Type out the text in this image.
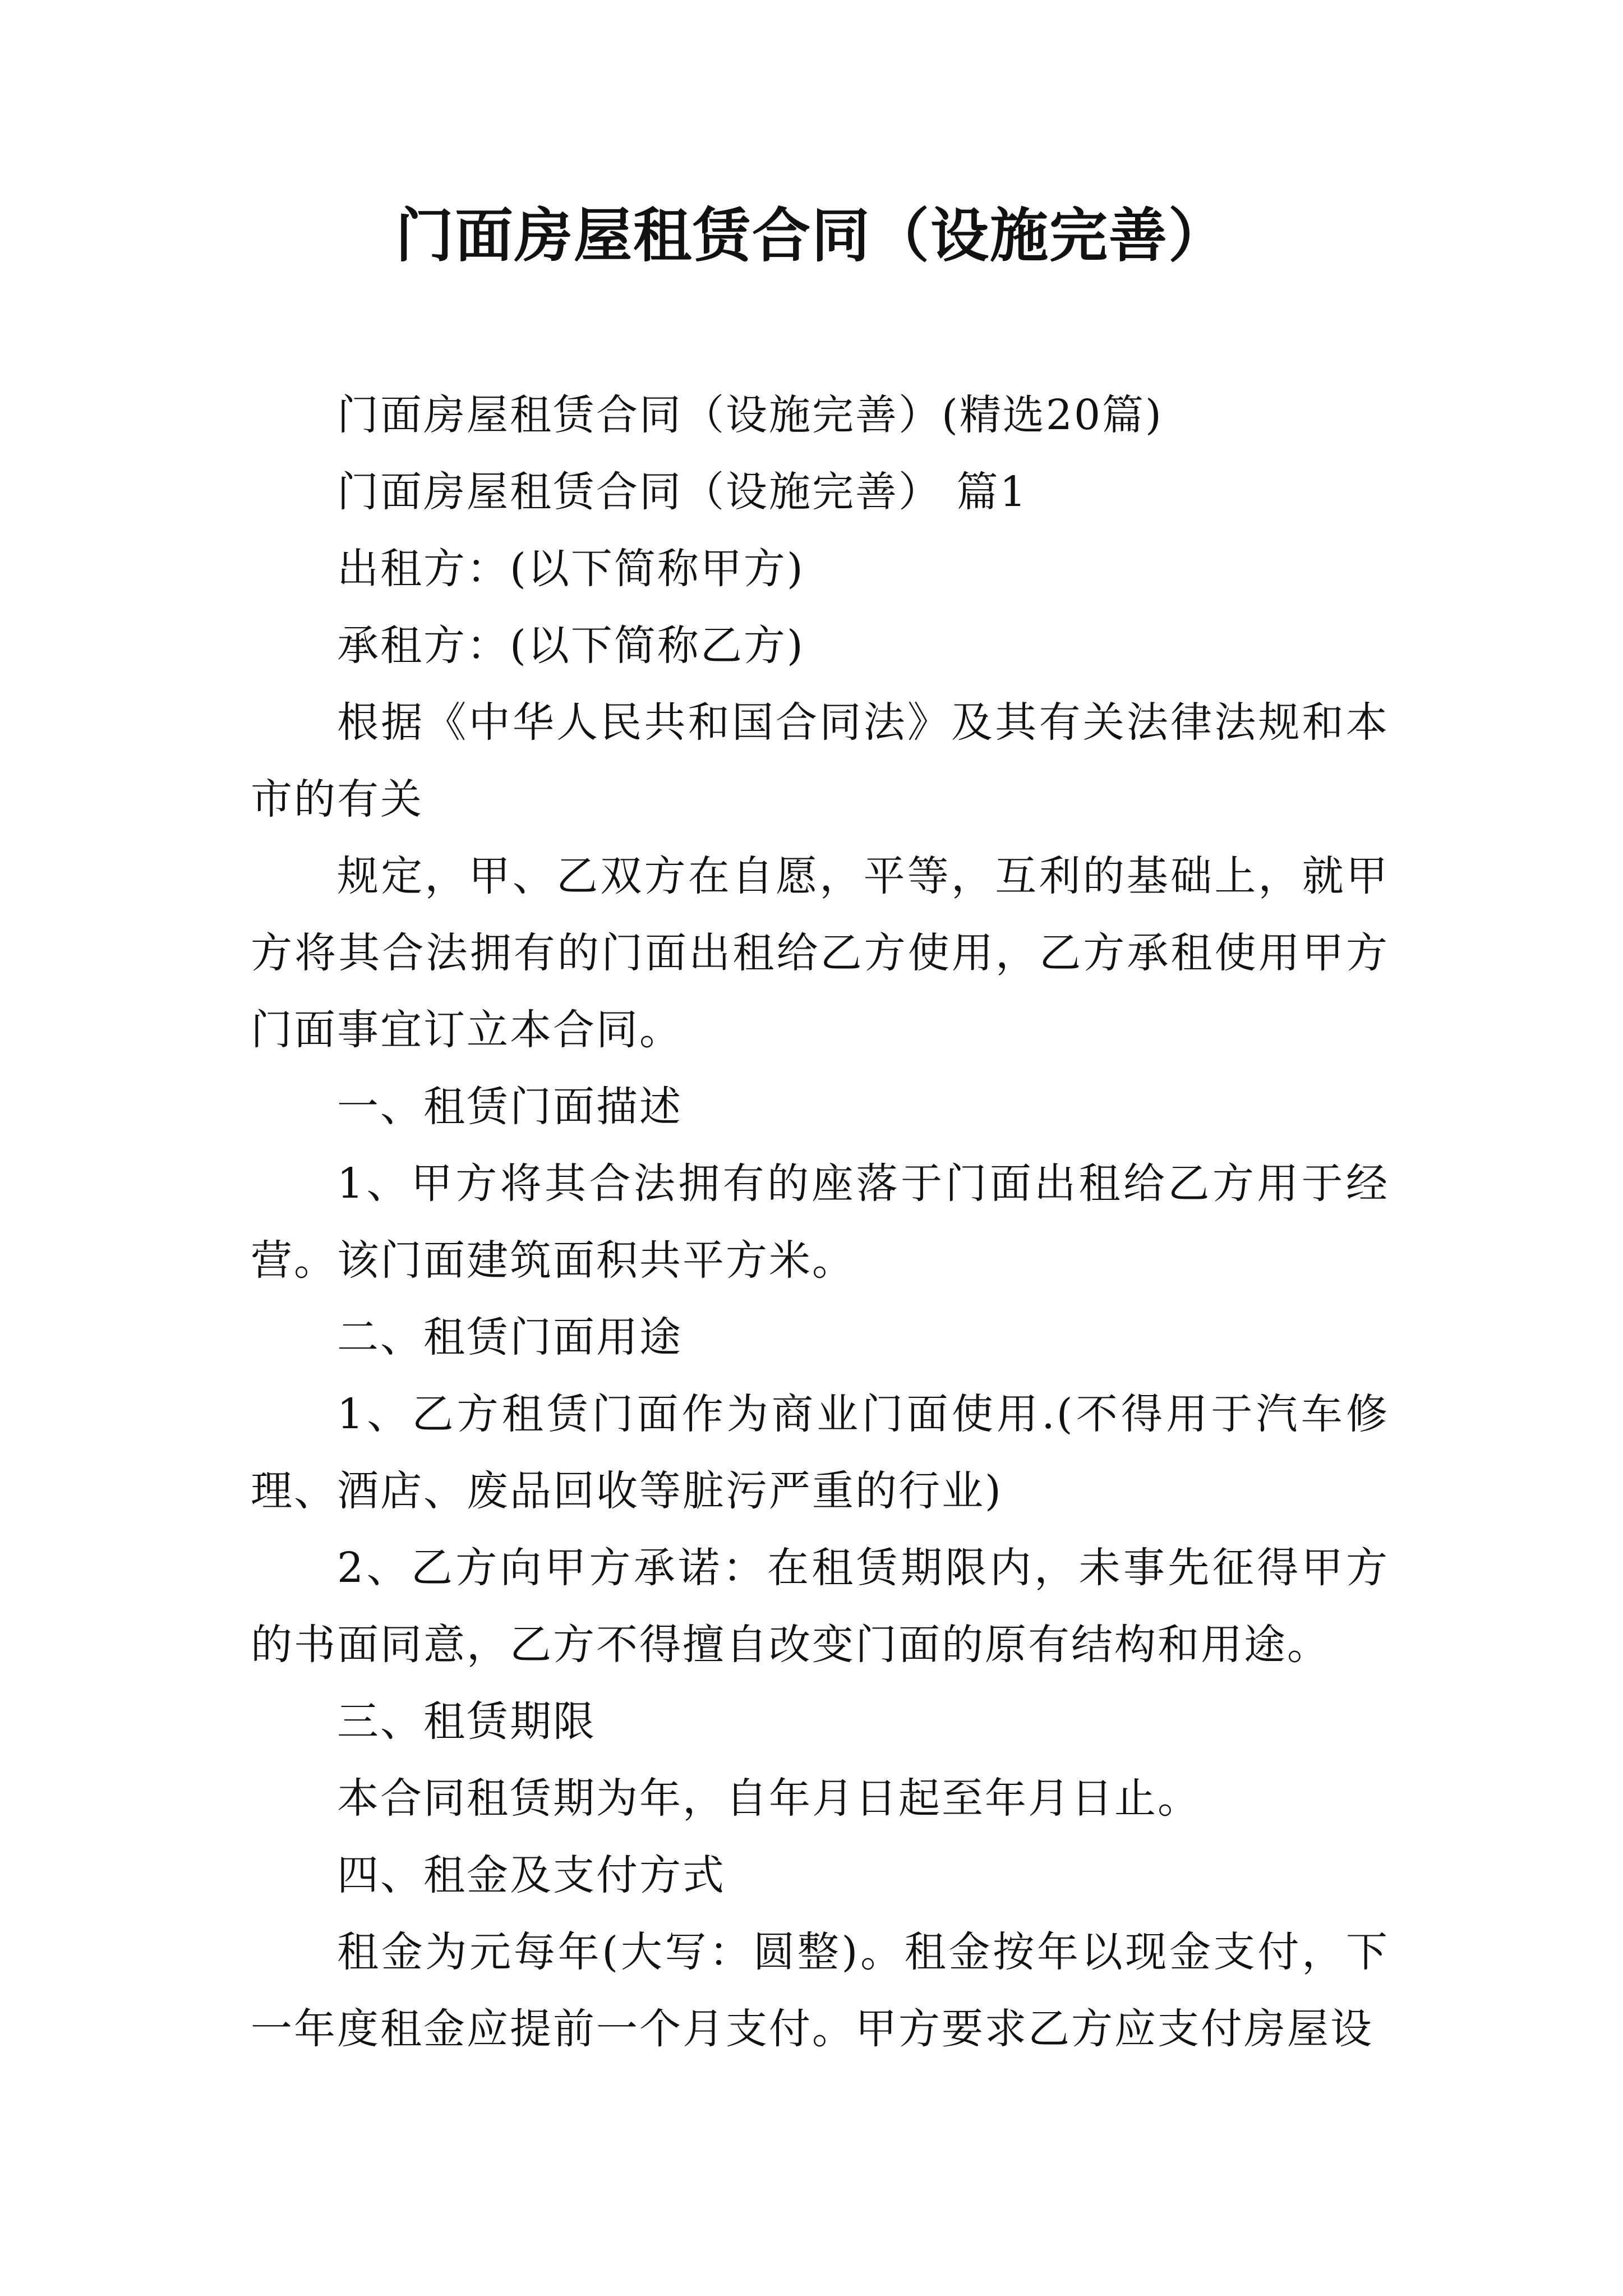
门面房屋租赁合同（设施完善）

门面房屋租赁合同（设施完善）(精选20篇)

门面房屋租赁合同（设施完善） 篇1

出租方：(以下简称甲方)

承租方：(以下简称乙方)

根据《中华人民共和国合同法》及其有关法律法规和本市的有关

规定，甲、乙双方在自愿，平等，互利的基础上，就甲方将其合法拥有的门面出租给乙方使用，乙方承租使用甲方门面事宜订立本合同。

一、租赁门面描述

1、甲方将其合法拥有的座落于门面出租给乙方用于经营。该门面建筑面积共平方米。

二、租赁门面用途

1、乙方租赁门面作为商业门面使用.(不得用于汽车修理、酒店、废品回收等脏污严重的行业)

2、乙方向甲方承诺：在租赁期限内，未事先征得甲方的书面同意，乙方不得擅自改变门面的原有结构和用途。

三、租赁期限

本合同租赁期为年，自年月日起至年月日止。

四、租金及支付方式

租金为元每年(大写：圆整)。租金按年以现金支付，下一年度租金应提前一个月支付。甲方要求乙方应支付房屋设
